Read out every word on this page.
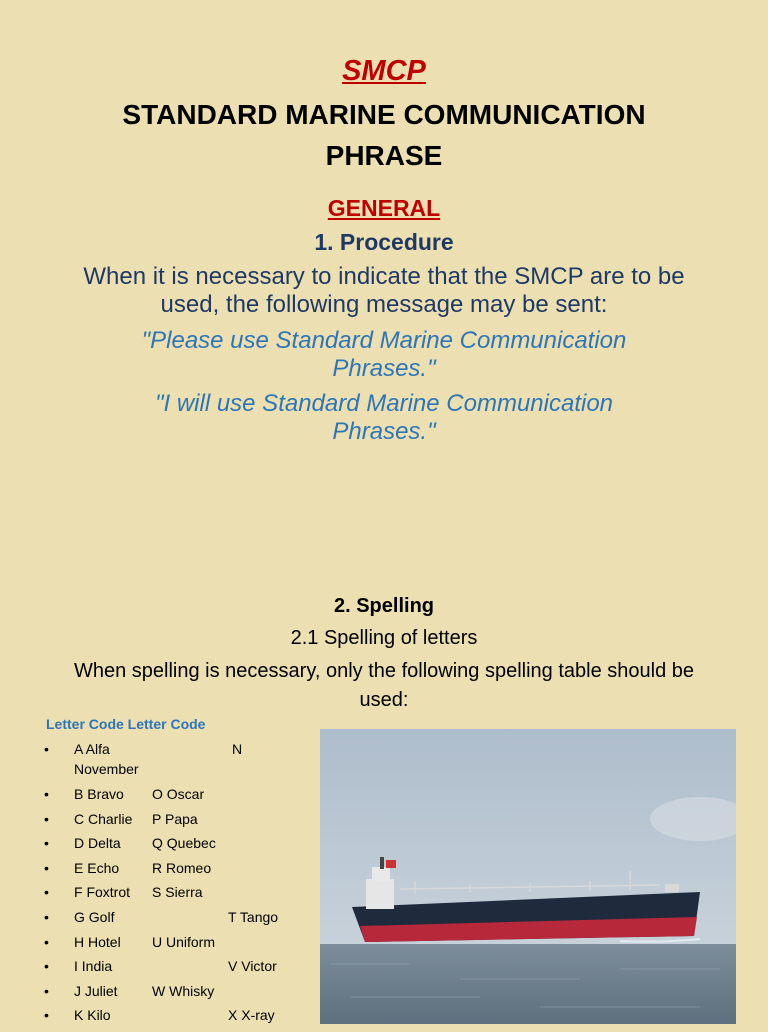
SMCP
STANDARD MARINE COMMUNICATION
PHRASE
GENERAL
1. Procedure
When it is necessary to indicate that the SMCP are to be used, the following message may be sent:
"Please use Standard Marine Communication Phrases."
"I will use Standard Marine Communication Phrases."
2. Spelling
2.1 Spelling of letters
When spelling is necessary, only the following spelling table should be used:
Letter Code Letter Code
• A Alfa	N
November
• B Bravo O Oscar
• C Charlie P Papa
• D Delta Q Quebec
• E Echo R Romeo
• F Foxtrot S Sierra
• G Golf	T Tango
• H Hotel U Uniform
• I India	V Victor
• J Juliet W Whisky
• K Kilo	X X-ray
